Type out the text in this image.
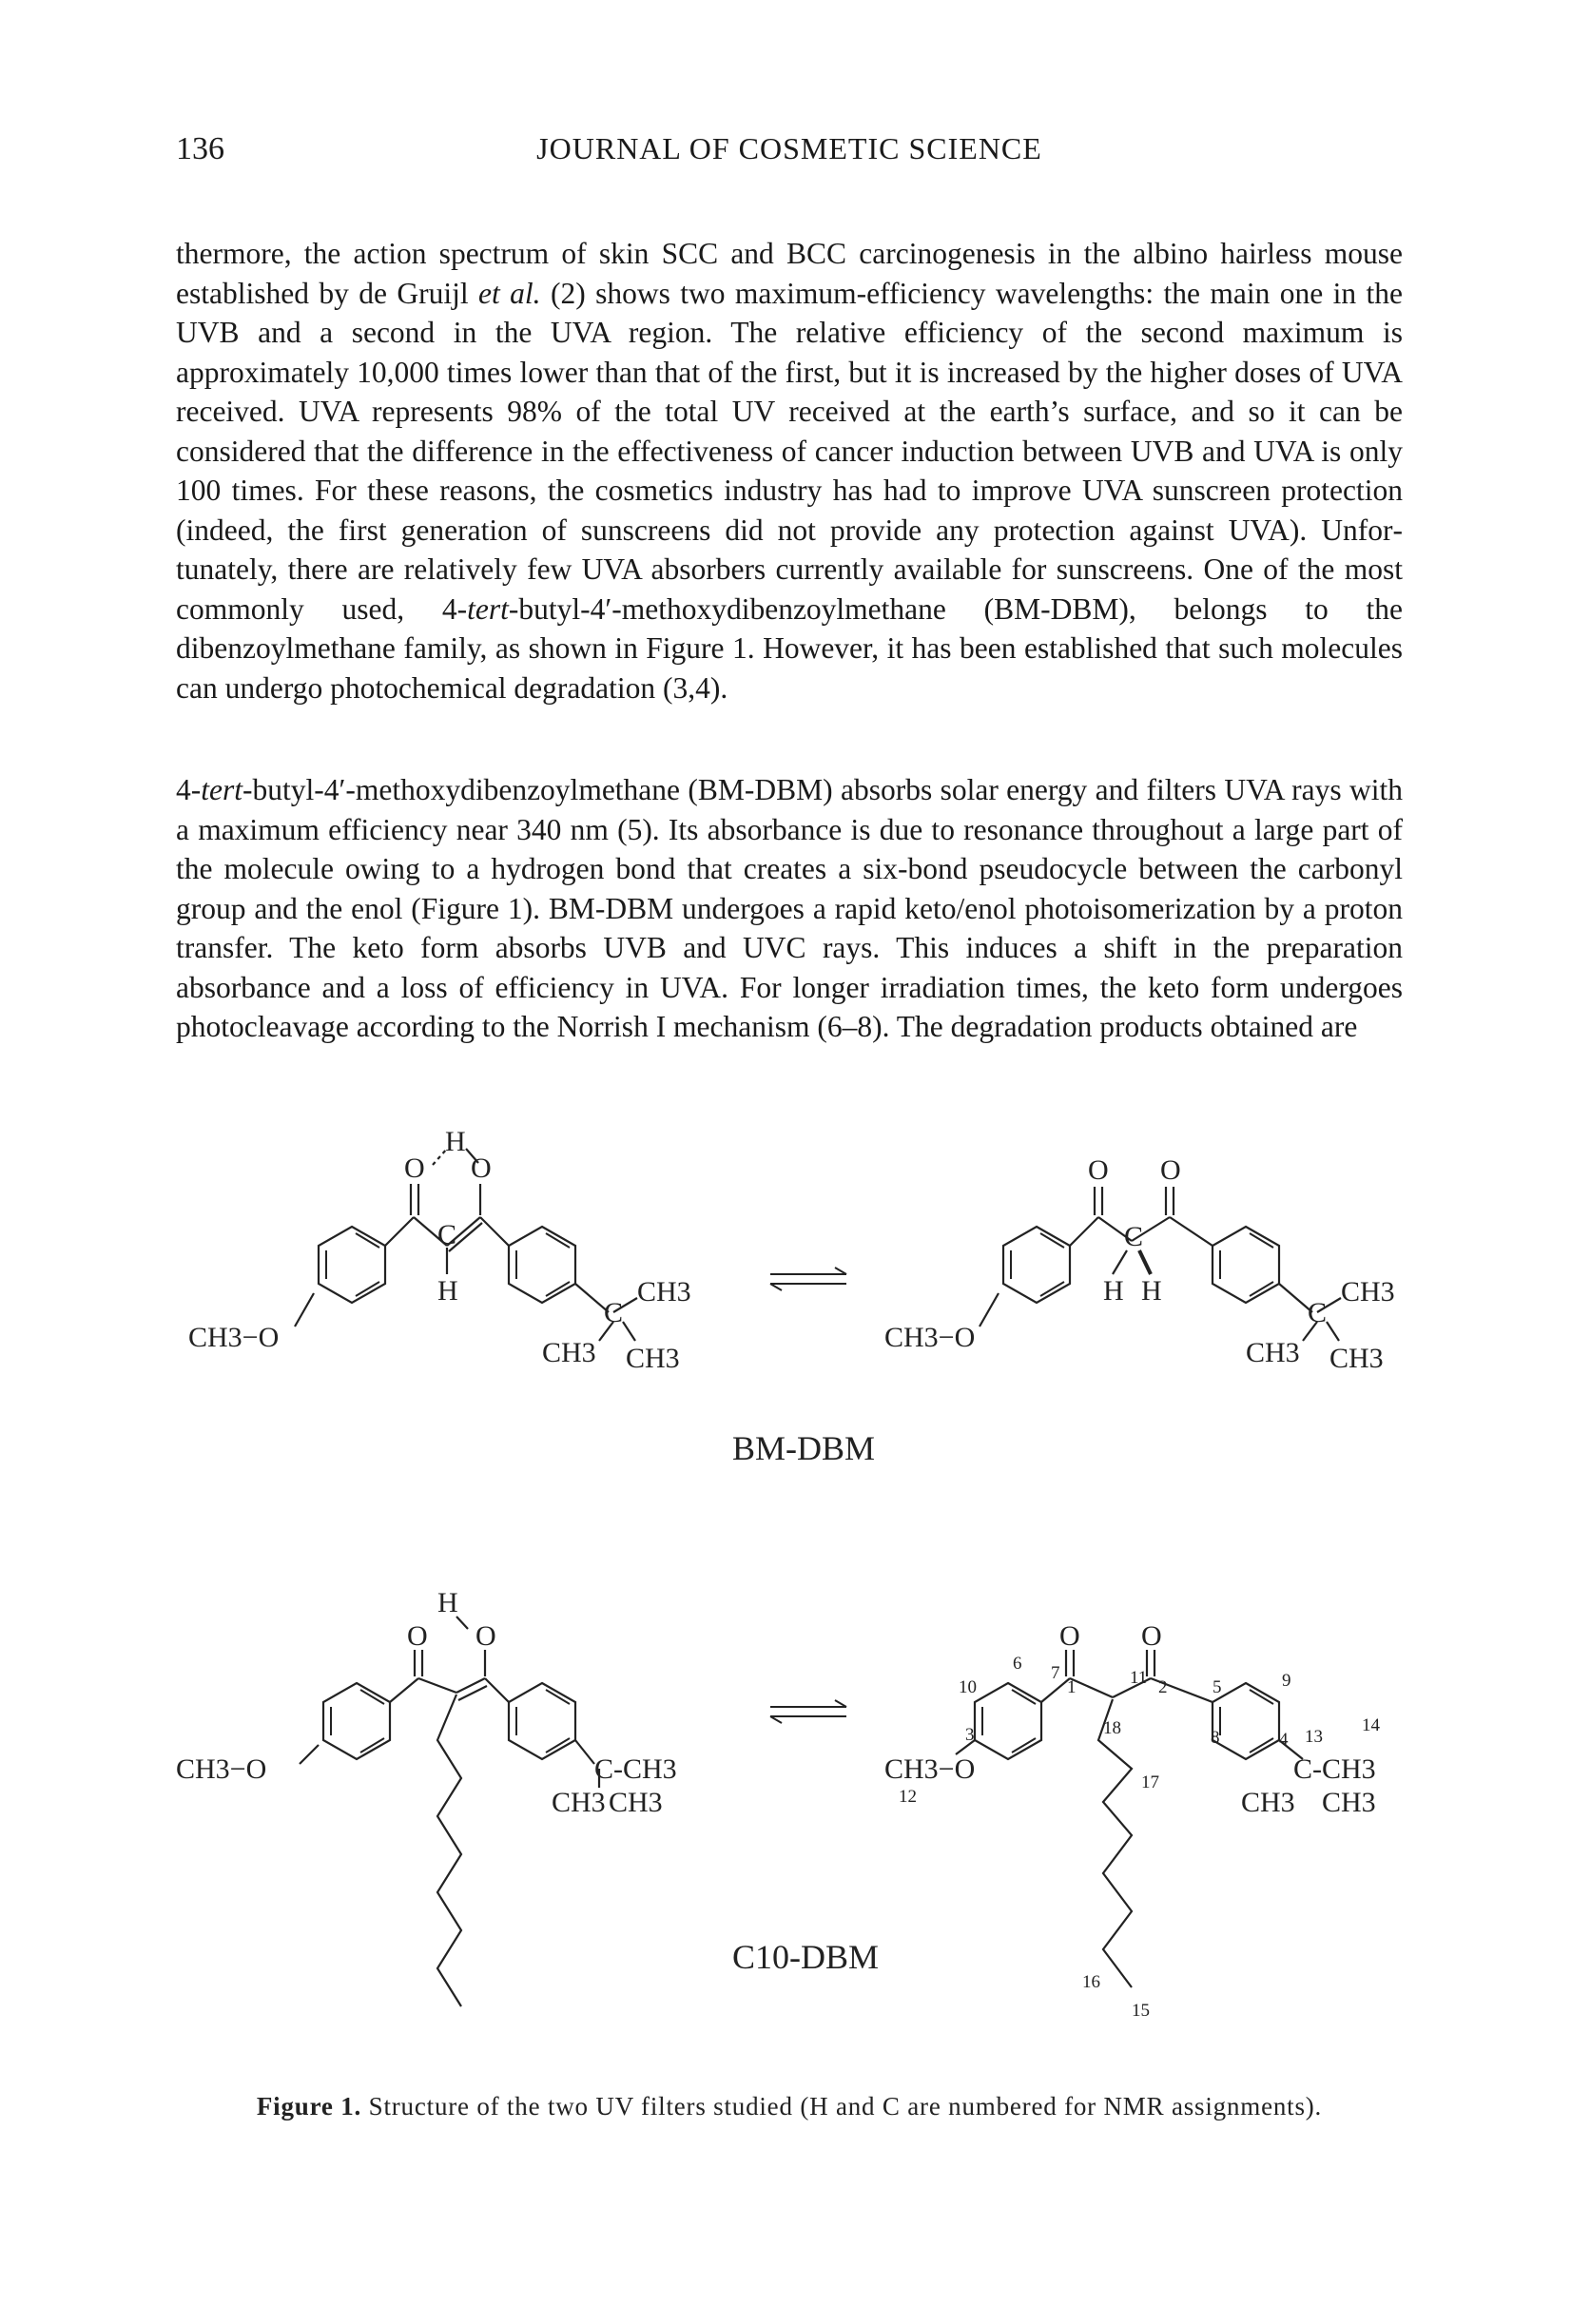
136	JOURNAL OF COSMETIC SCIENCE

thermore, the action spectrum of skin SCC and BCC carcinogenesis in the albino hairless mouse established by de Gruijl et al. (2) shows two maximum-efficiency wavelengths: the main one in the UVB and a second in the UVA region. The relative efficiency of the second maximum is approximately 10,000 times lower than that of the first, but it is increased by the higher doses of UVA received. UVA represents 98% of the total UV received at the earth’s surface, and so it can be considered that the difference in the effectiveness of cancer induction between UVB and UVA is only 100 times. For these reasons, the cosmetics industry has had to improve UVA sunscreen protection (indeed, the first generation of sunscreens did not provide any protection against UVA). Unfortunately, there are relatively few UVA absorbers currently available for sunscreens. One of the most commonly used, 4-tert-butyl-4′-methoxydibenzoylmethane (BM-DBM), belongs to the dibenzoylmethane family, as shown in Figure 1. However, it has been established that such molecules can undergo photochemical degradation (3,4).

4-tert-butyl-4′-methoxydibenzoylmethane (BM-DBM) absorbs solar energy and filters UVA rays with a maximum efficiency near 340 nm (5). Its absorbance is due to resonance throughout a large part of the molecule owing to a hydrogen bond that creates a six-bond pseudocycle between the carbonyl group and the enol (Figure 1). BM-DBM undergoes a rapid keto/enol photoisomerization by a proton transfer. The keto form absorbs UVB and UVC rays. This induces a shift in the preparation absorbance and a loss of efficiency in UVA. For longer irradiation times, the keto form undergoes photocleavage according to the Norrish I mechanism (6–8). The degradation products obtained are

CH3−O
O O
H
C
H
C
CH3
CH3 CH3
CH3−O
O O
C
H H
C
CH3
CH3 CH3
BM-DBM
CH3−O
O O
H
C-CH3
CH3 CH3
CH3−O
O O
C-CH3
CH3 CH3
1	2
3	4
5
6 7
8
9
10	11
12
13
14
15
16
17
18
C10-DBM
Figure 1. Structure of the two UV filters studied (H and C are numbered for NMR assignments).
